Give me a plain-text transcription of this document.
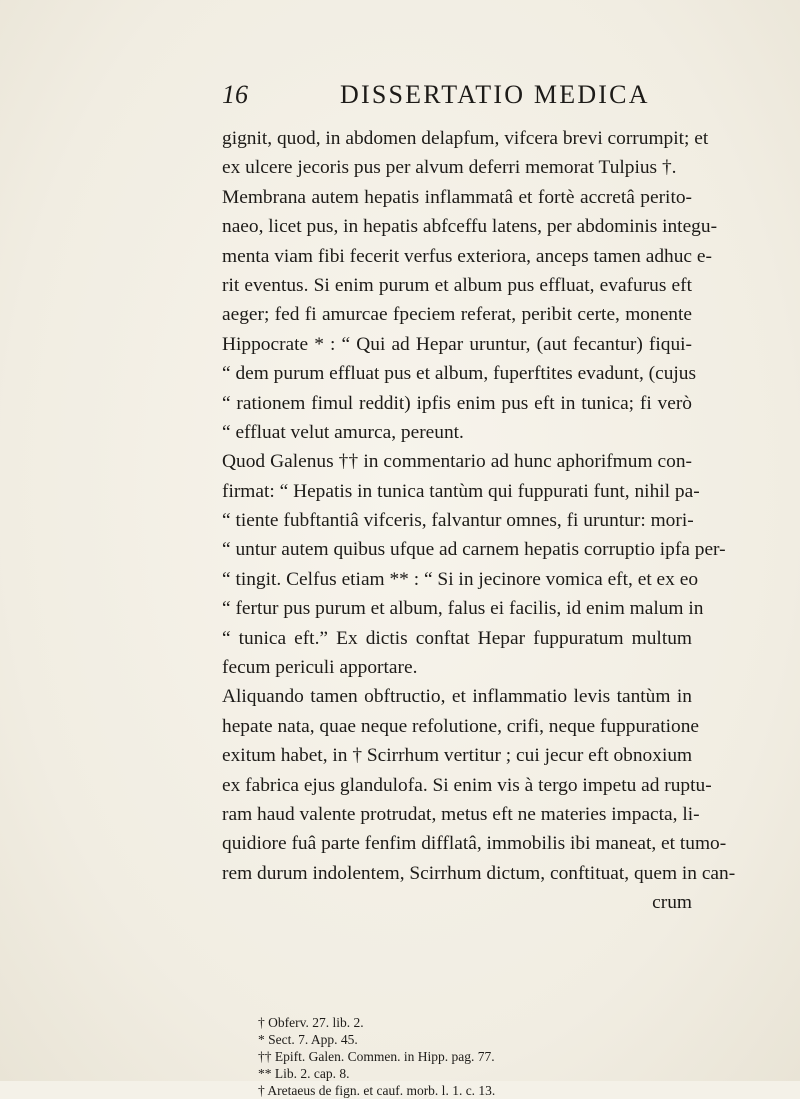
16	DISSERTATIO MEDICA
gignit, quod, in abdomen delapfum, vifcera brevi corrumpit; et
ex ulcere jecoris pus per alvum deferri memorat Tulpius †.
Membrana autem hepatis inflammatâ et fortè accretâ perito-
naeo, licet pus, in hepatis abfceffu latens, per abdominis integu-
menta viam fibi fecerit verfus exteriora, anceps tamen adhuc e-
rit eventus. Si enim purum et album pus effluat, evafurus eft
aeger; fed fi amurcae fpeciem referat, peribit certe, monente
Hippocrate * : “ Qui ad Hepar uruntur, (aut fecantur) fiqui-
“ dem purum effluat pus et album, fuperftites evadunt, (cujus
“ rationem fimul reddit) ipfis enim pus eft in tunica; fi verò
“ effluat velut amurca, pereunt.
Quod Galenus †† in commentario ad hunc aphorifmum con-
firmat: “ Hepatis in tunica tantùm qui fuppurati funt, nihil pa-
“ tiente fubftantiâ vifceris, falvantur omnes, fi uruntur: mori-
“ untur autem quibus ufque ad carnem hepatis corruptio ipfa per-
“ tingit. Celfus etiam ** : “ Si in jecinore vomica eft, et ex eo
“ fertur pus purum et album, falus ei facilis, id enim malum in
“ tunica eft.” Ex dictis conftat Hepar fuppuratum multum
fecum periculi apportare.
Aliquando tamen obftructio, et inflammatio levis tantùm in
hepate nata, quae neque refolutione, crifi, neque fuppuratione
exitum habet, in † Scirrhum vertitur ; cui jecur eft obnoxium
ex fabrica ejus glandulofa. Si enim vis à tergo impetu ad ruptu-
ram haud valente protrudat, metus eft ne materies impacta, li-
quidiore fuâ parte fenfim difflatâ, immobilis ibi maneat, et tumo-
rem durum indolentem, Scirrhum dictum, conftituat, quem in can-
crum
† Obferv. 27. lib. 2.
* Sect. 7. App. 45.
†† Epift. Galen. Commen. in Hipp. pag. 77.
** Lib. 2. cap. 8.
† Aretaeus de fign. et cauf. morb. l. 1. c. 13.
